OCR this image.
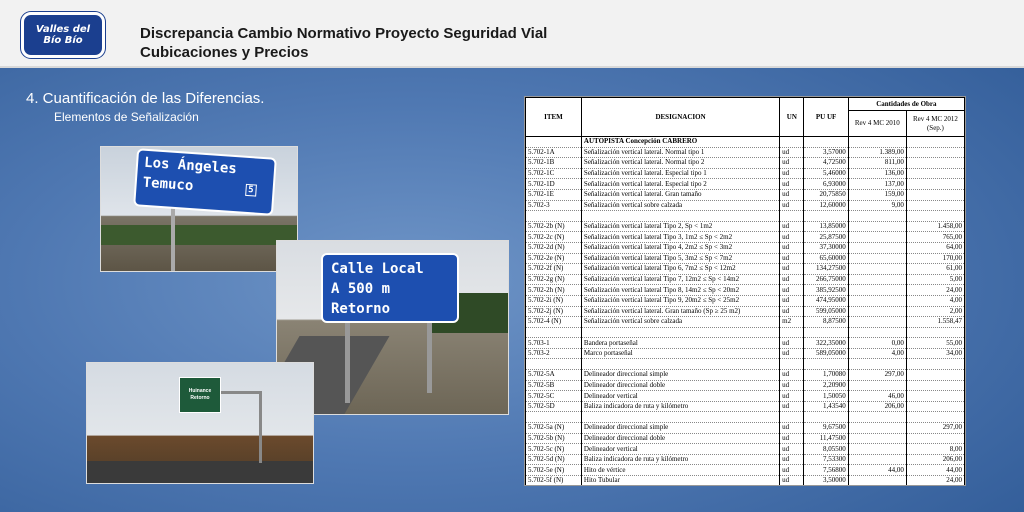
Valles del
Bío Bío	Discrepancia Cambio Normativo Proyecto Seguridad Vial
Cubicaciones y Precios
4. Cuantificación de las Diferencias.
Elementos de Señalización
Los Ángeles
5
Temuco
Calle Local
A 500 m
Retorno
Huinance
Retorno
ITEM	DESIGNACION	UN	PU UF	Cantidades de Obra	
				Rev 4 MC 2010	Rev 4 MC 2012 (Sep.)
	AUTOPISTA Concepción CABRERO				
5.702-1A	Señalización vertical lateral. Normal tipo 1	ud	3,57000	1.389,00	
5.702-1B	Señalización vertical lateral. Normal tipo 2	ud	4,72500	811,00	
5.702-1C	Señalización vertical lateral. Especial tipo 1	ud	5,46000	136,00	
5.702-1D	Señalización vertical lateral. Especial tipo 2	ud	6,93000	137,00	
5.702-1E	Señalización vertical lateral. Gran tamaño	ud	20,75850	159,00	
5.702-3	Señalización vertical sobre calzada	ud	12,60000	9,00	

5.702-2b (N)	Señalización vertical lateral Tipo 2, Sp < 1m2	ud	13,85000		1.458,00
5.702-2c (N)	Señalización vertical lateral Tipo 3, 1m2 ≤ Sp < 2m2	ud	25,87500		765,00
5.702-2d (N)	Señalización vertical lateral Tipo 4, 2m2 ≤ Sp < 3m2	ud	37,30000		64,00
5.702-2e (N)	Señalización vertical lateral Tipo 5, 3m2 ≤ Sp < 7m2	ud	65,60000		170,00
5.702-2f (N)	Señalización vertical lateral Tipo 6, 7m2 ≤ Sp < 12m2	ud	134,27500		61,00
5.702-2g (N)	Señalización vertical lateral Tipo 7, 12m2 ≤ Sp < 14m2	ud	266,75000		5,00
5.702-2h (N)	Señalización vertical lateral Tipo 8, 14m2 ≤ Sp < 20m2	ud	385,92500		24,00
5.702-2i (N)	Señalización vertical lateral Tipo 9, 20m2 ≤ Sp < 25m2	ud	474,95000		4,00
5.702-2j (N)	Señalización vertical lateral. Gran tamaño (Sp ≥ 25 m2)	ud	599,05000		2,00
5.702-4 (N)	Señalización vertical sobre calzada	m2	8,87500		1.558,47

5.703-1	Bandera portaseñal	ud	322,35000	0,00	55,00
5.703-2	Marco portaseñal	ud	589,05000	4,00	34,00

5.702-5A	Delineador direccional simple	ud	1,70080	297,00	
5.702-5B	Delineador direccional doble	ud	2,20900		
5.702-5C	Delineador vertical	ud	1,50050	46,00	
5.702-5D	Baliza indicadora de ruta y kilómetro	ud	1,43540	206,00	

5.702-5a (N)	Delineador direccional simple	ud	9,67500		297,00
5.702-5b (N)	Delineador direccional doble	ud	11,47500		
5.702-5c (N)	Delineador vertical	ud	8,05500		8,00
5.702-5d (N)	Baliza indicadora de ruta y kilómetro	ud	7,53300		206,00
5.702-5e (N)	Hito de vértice	ud	7,56800	44,00	44,00
5.702-5f (N)	Hito Tubular	ud	3,50000		24,00
